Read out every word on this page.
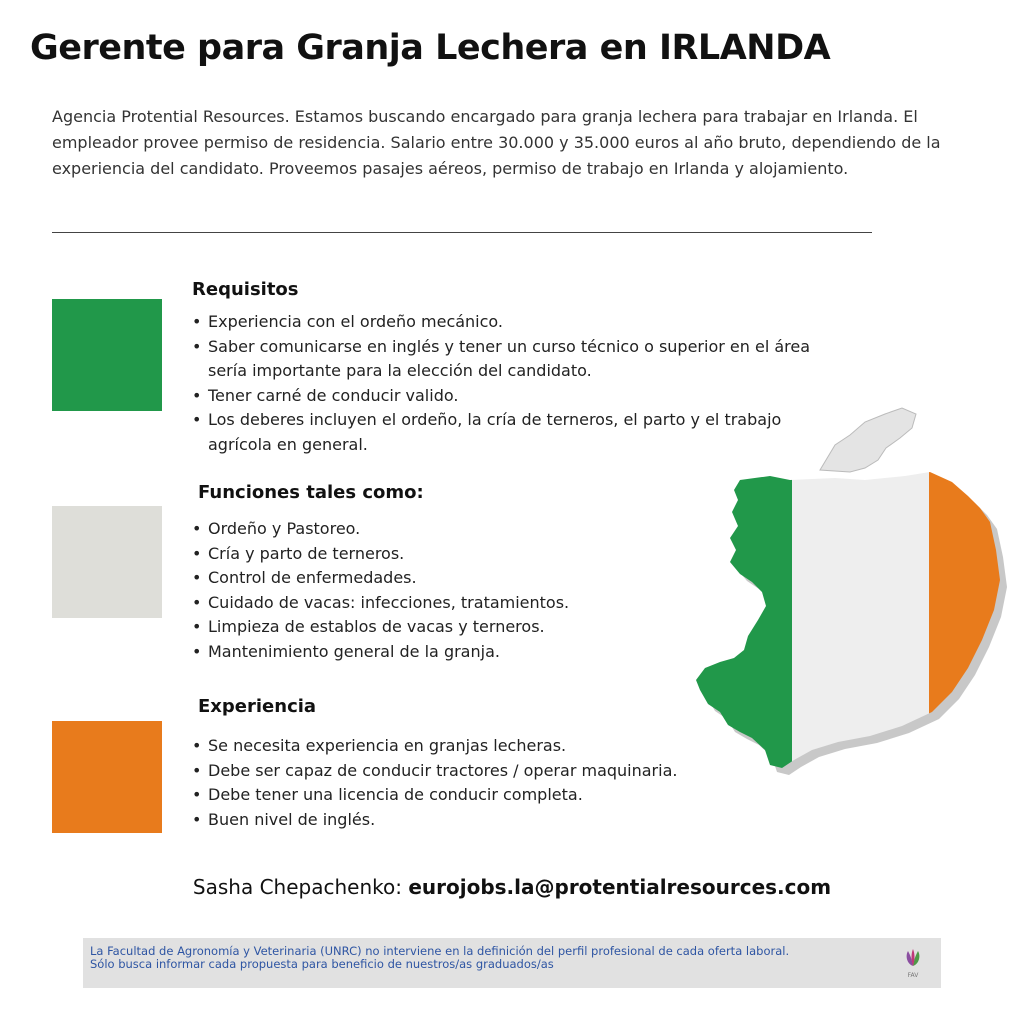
Gerente para Granja Lechera en IRLANDA

Agencia Protential Resources. Estamos buscando encargado para granja lechera para trabajar en Irlanda. El empleador provee permiso de residencia. Salario entre 30.000 y 35.000 euros al año bruto, dependiendo de la experiencia del candidato. Proveemos pasajes aéreos, permiso de trabajo en Irlanda y alojamiento.

Requisitos
• Experiencia con el ordeño mecánico.
• Saber comunicarse en inglés y tener un curso técnico o superior en el área sería importante para la elección del candidato.
• Tener carné de conducir valido.
• Los deberes incluyen el ordeño, la cría de terneros, el parto y el trabajo agrícola en general.
Funciones tales como:
• Ordeño y Pastoreo.
• Cría y parto de terneros.
• Control de enfermedades.
• Cuidado de vacas: infecciones, tratamientos.
• Limpieza de establos de vacas y terneros.
• Mantenimiento general de la granja.
Experiencia
• Se necesita experiencia en granjas lecheras.
• Debe ser capaz de conducir tractores / operar maquinaria.
• Debe tener una licencia de conducir completa.
• Buen nivel de inglés.
Sasha Chepachenko: eurojobs.la@protentialresources.com
La Facultad de Agronomía y Veterinaria (UNRC) no interviene en la definición del perfil profesional de cada oferta laboral.
Sólo busca informar cada propuesta para beneficio de nuestros/as graduados/as
FAV
